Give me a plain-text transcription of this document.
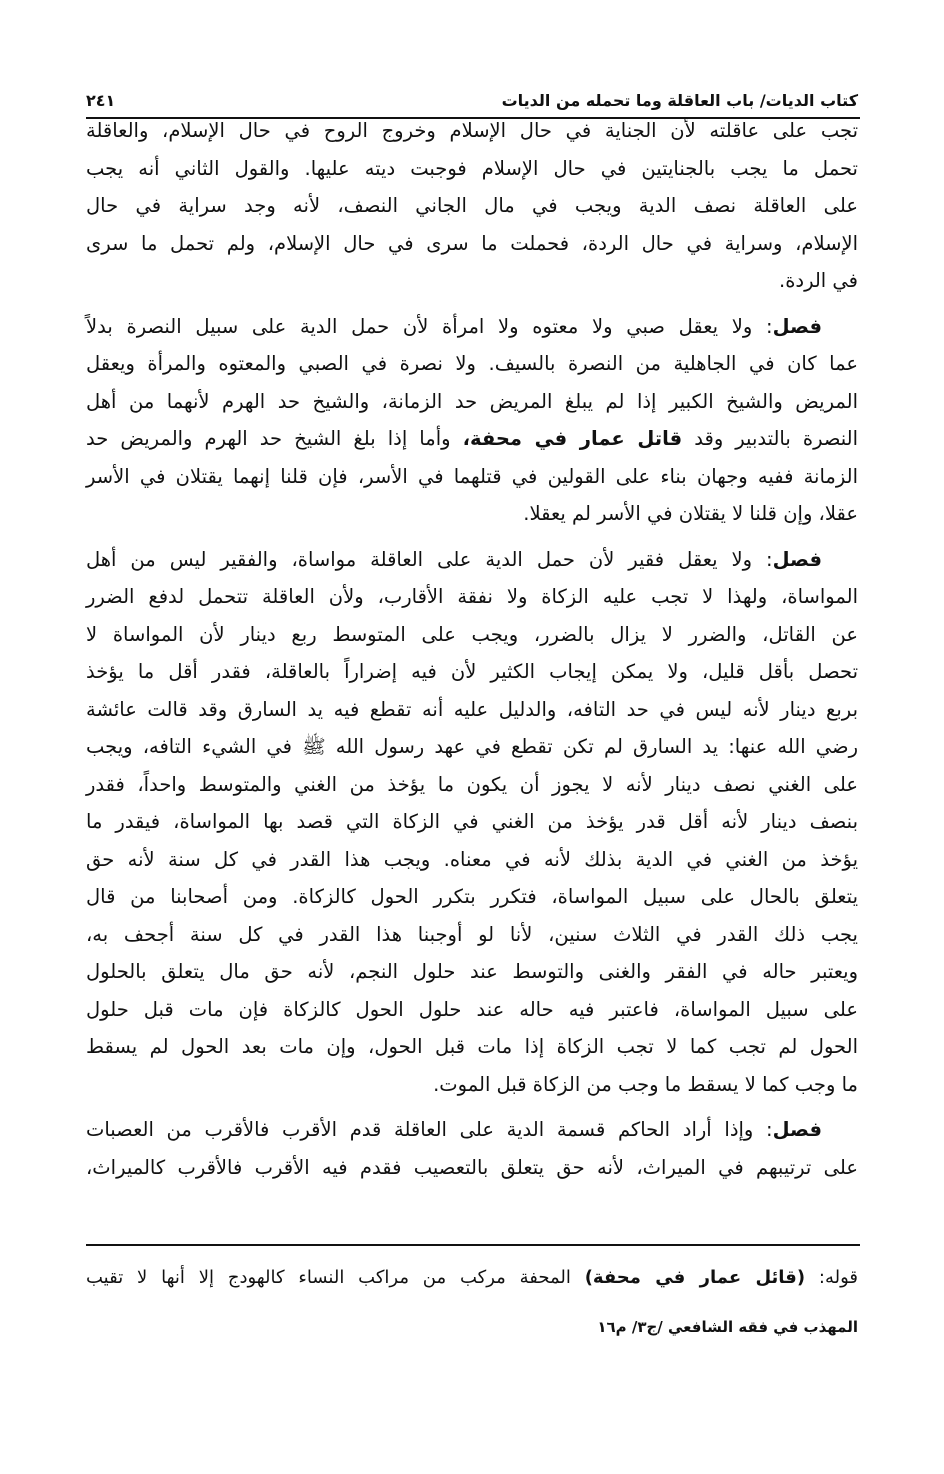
كتاب الديات/ باب العاقلة وما تحمله من الديات
٢٤١
تجب على عاقلته لأن الجناية في حال الإسلام وخروج الروح في حال الإسلام، والعاقلة
تحمل ما يجب بالجنايتين في حال الإسلام فوجبت ديته عليها. والقول الثاني أنه يجب
على العاقلة نصف الدية ويجب في مال الجاني النصف، لأنه وجد سراية في حال
الإسلام، وسراية في حال الردة، فحملت ما سرى في حال الإسلام، ولم تحمل ما سرى
في الردة.
فصل: ولا يعقل صبي ولا معتوه ولا امرأة لأن حمل الدية على سبيل النصرة بدلاً
عما كان في الجاهلية من النصرة بالسيف. ولا نصرة في الصبي والمعتوه والمرأة ويعقل
المريض والشيخ الكبير إذا لم يبلغ المريض حد الزمانة، والشيخ حد الهرم لأنهما من أهل
النصرة بالتدبير وقد قاتل عمار في محفة، وأما إذا بلغ الشيخ حد الهرم والمريض حد
الزمانة ففيه وجهان بناء على القولين في قتلهما في الأسر، فإن قلنا إنهما يقتلان في الأسر
عقلا، وإن قلنا لا يقتلان في الأسر لم يعقلا.
فصل: ولا يعقل فقير لأن حمل الدية على العاقلة مواساة، والفقير ليس من أهل
المواساة، ولهذا لا تجب عليه الزكاة ولا نفقة الأقارب، ولأن العاقلة تتحمل لدفع الضرر
عن القاتل، والضرر لا يزال بالضرر، ويجب على المتوسط ربع دينار لأن المواساة لا
تحصل بأقل قليل، ولا يمكن إيجاب الكثير لأن فيه إضراراً بالعاقلة، فقدر أقل ما يؤخذ
بربع دينار لأنه ليس في حد التافه، والدليل عليه أنه تقطع فيه يد السارق وقد قالت عائشة
رضي الله عنها: يد السارق لم تكن تقطع في عهد رسول الله ﷺ في الشيء التافه، ويجب
على الغني نصف دينار لأنه لا يجوز أن يكون ما يؤخذ من الغني والمتوسط واحداً، فقدر
بنصف دينار لأنه أقل قدر يؤخذ من الغني في الزكاة التي قصد بها المواساة، فيقدر ما
يؤخذ من الغني في الدية بذلك لأنه في معناه. ويجب هذا القدر في كل سنة لأنه حق
يتعلق بالحال على سبيل المواساة، فتكرر بتكرر الحول كالزكاة. ومن أصحابنا من قال
يجب ذلك القدر في الثلاث سنين، لأنا لو أوجبنا هذا القدر في كل سنة أجحف به،
ويعتبر حاله في الفقر والغنى والتوسط عند حلول النجم، لأنه حق مال يتعلق بالحلول
على سبيل المواساة، فاعتبر فيه حاله عند حلول الحول كالزكاة فإن مات قبل حلول
الحول لم تجب كما لا تجب الزكاة إذا مات قبل الحول، وإن مات بعد الحول لم يسقط
ما وجب كما لا يسقط ما وجب من الزكاة قبل الموت.
فصل: وإذا أراد الحاكم قسمة الدية على العاقلة قدم الأقرب فالأقرب من العصبات
على ترتيبهم في الميراث، لأنه حق يتعلق بالتعصيب فقدم فيه الأقرب فالأقرب كالميراث،
قوله: (قائل عمار في محفة) المحفة مركب من مراكب النساء كالهودج إلا أنها لا تقيب
المهذب في فقه الشافعي /ج٣/ م١٦
